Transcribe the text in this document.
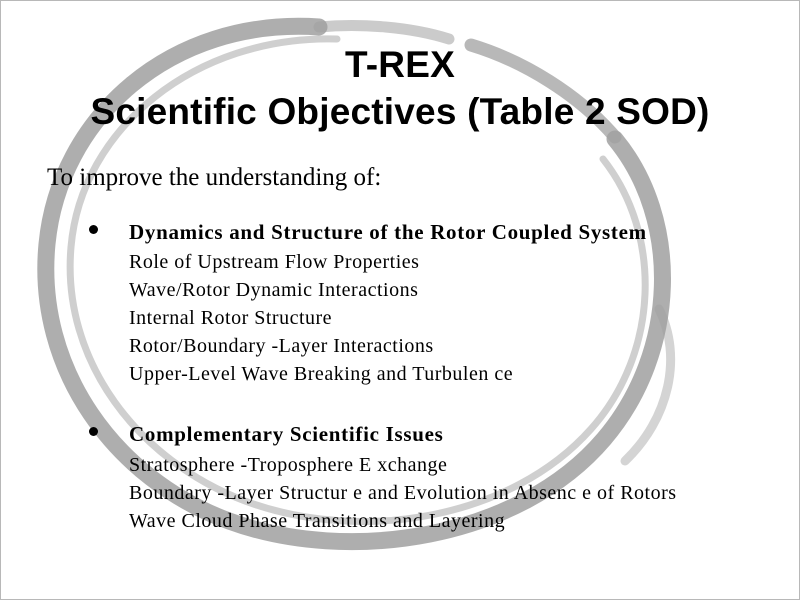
T-REX
Scientific Objectives (Table 2 SOD)
To improve the understanding of:
Dynamics and Structure of the Rotor Coupled System
Role of Upstream Flow Properties
Wave/Rotor Dynamic Interactions
Internal Rotor Structure
Rotor/Boundary -Layer Interactions
Upper-Level Wave Breaking and Turbulen ce
Complementary Scientific Issues
Stratosphere -Troposphere E xchange
Boundary -Layer Structur e and Evolution in Absenc e of Rotors
Wave Cloud Phase Transitions and Layering
